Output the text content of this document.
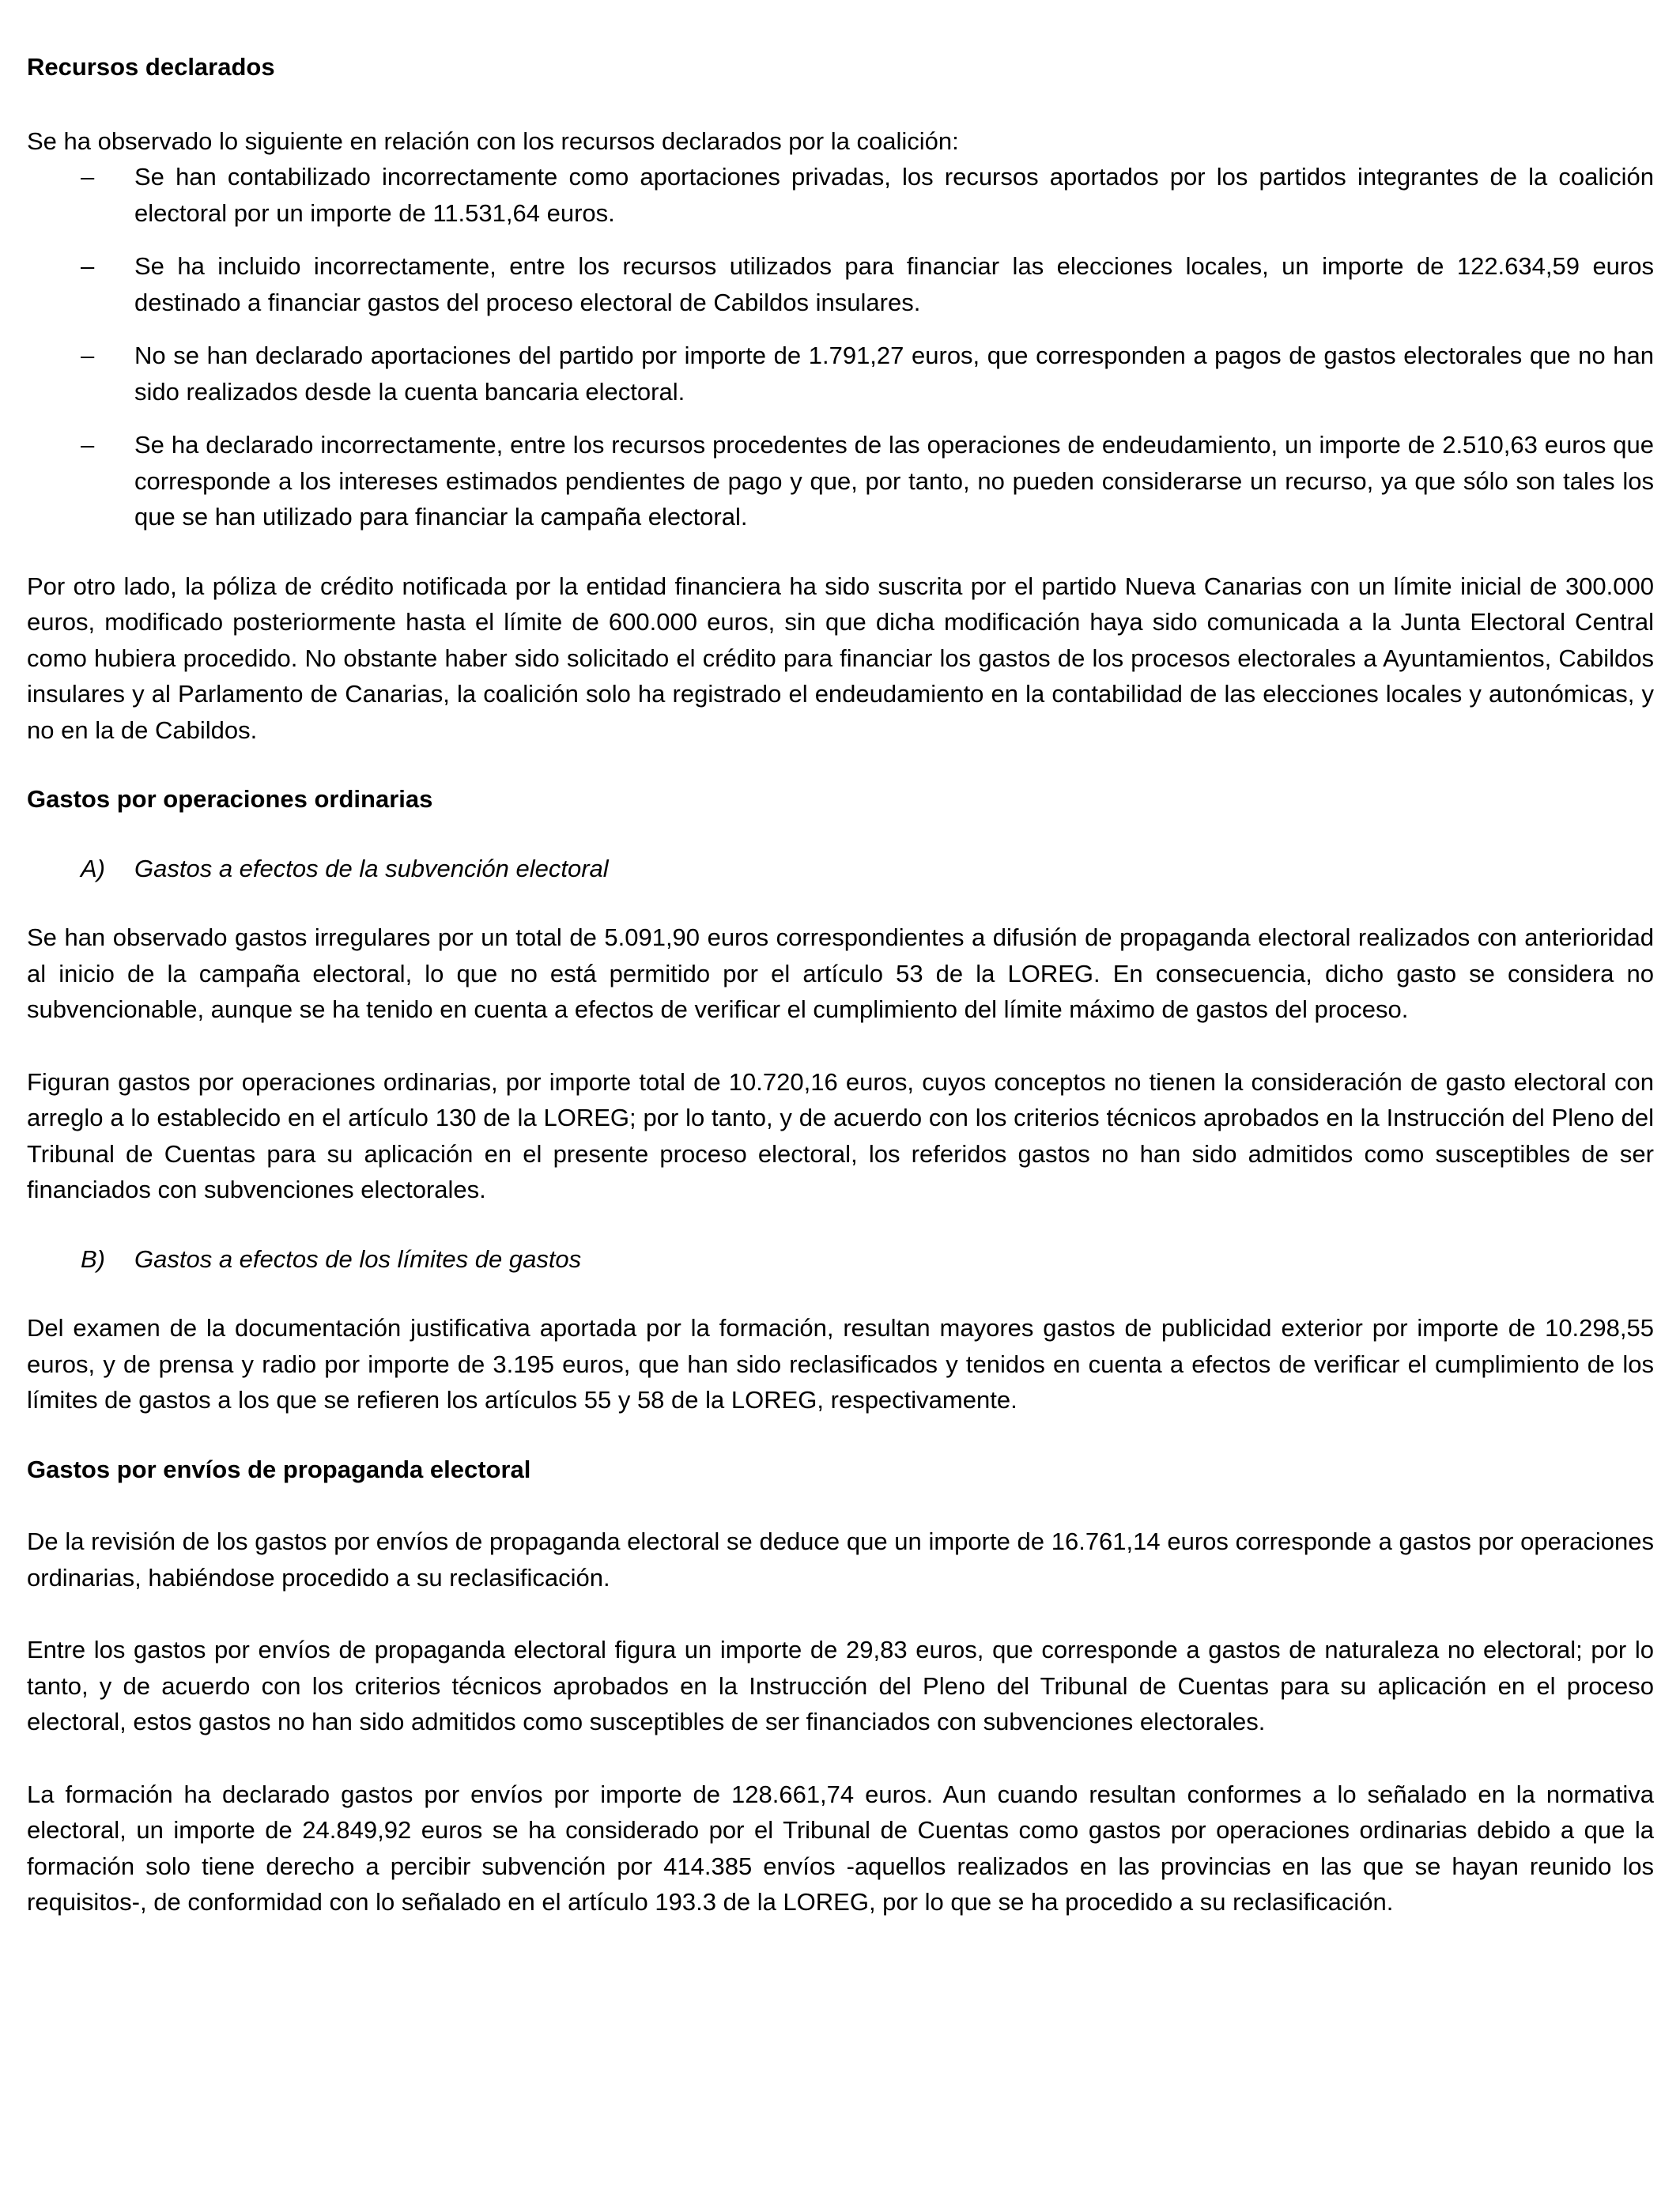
Recursos declarados

Se ha observado lo siguiente en relación con los recursos declarados por la coalición:

–	Se han contabilizado incorrectamente como aportaciones privadas, los recursos aportados por los partidos integrantes de la coalición electoral por un importe de 11.531,64 euros.
–	Se ha incluido incorrectamente, entre los recursos utilizados para financiar las elecciones locales, un importe de 122.634,59 euros destinado a financiar gastos del proceso electoral de Cabildos insulares.
–	No se han declarado aportaciones del partido por importe de 1.791,27 euros, que corresponden a pagos de gastos electorales que no han sido realizados desde la cuenta bancaria electoral.
–	Se ha declarado incorrectamente, entre los recursos procedentes de las operaciones de endeudamiento, un importe de 2.510,63 euros que corresponde a los intereses estimados pendientes de pago y que, por tanto, no pueden considerarse un recurso, ya que sólo son tales los que se han utilizado para financiar la campaña electoral.

Por otro lado, la póliza de crédito notificada por la entidad financiera ha sido suscrita por el partido Nueva Canarias con un límite inicial de 300.000 euros, modificado posteriormente hasta el límite de 600.000 euros, sin que dicha modificación haya sido comunicada a la Junta Electoral Central como hubiera procedido. No obstante haber sido solicitado el crédito para financiar los gastos de los procesos electorales a Ayuntamientos, Cabildos insulares y al Parlamento de Canarias, la coalición solo ha registrado el endeudamiento en la contabilidad de las elecciones locales y autonómicas, y no en la de Cabildos.

Gastos por operaciones ordinarias

A) Gastos a efectos de la subvención electoral

Se han observado gastos irregulares por un total de 5.091,90 euros correspondientes a difusión de propaganda electoral realizados con anterioridad al inicio de la campaña electoral, lo que no está permitido por el artículo 53 de la LOREG. En consecuencia, dicho gasto se considera no subvencionable, aunque se ha tenido en cuenta a efectos de verificar el cumplimiento del límite máximo de gastos del proceso.

Figuran gastos por operaciones ordinarias, por importe total de 10.720,16 euros, cuyos conceptos no tienen la consideración de gasto electoral con arreglo a lo establecido en el artículo 130 de la LOREG; por lo tanto, y de acuerdo con los criterios técnicos aprobados en la Instrucción del Pleno del Tribunal de Cuentas para su aplicación en el presente proceso electoral, los referidos gastos no han sido admitidos como susceptibles de ser financiados con subvenciones electorales.

B) Gastos a efectos de los límites de gastos

Del examen de la documentación justificativa aportada por la formación, resultan mayores gastos de publicidad exterior por importe de 10.298,55 euros, y de prensa y radio por importe de 3.195 euros, que han sido reclasificados y tenidos en cuenta a efectos de verificar el cumplimiento de los límites de gastos a los que se refieren los artículos 55 y 58 de la LOREG, respectivamente.

Gastos por envíos de propaganda electoral

De la revisión de los gastos por envíos de propaganda electoral se deduce que un importe de 16.761,14 euros corresponde a gastos por operaciones ordinarias, habiéndose procedido a su reclasificación.

Entre los gastos por envíos de propaganda electoral figura un importe de 29,83 euros, que corresponde a gastos de naturaleza no electoral; por lo tanto, y de acuerdo con los criterios técnicos aprobados en la Instrucción del Pleno del Tribunal de Cuentas para su aplicación en el proceso electoral, estos gastos no han sido admitidos como susceptibles de ser financiados con subvenciones electorales.

La formación ha declarado gastos por envíos por importe de 128.661,74 euros. Aun cuando resultan conformes a lo señalado en la normativa electoral, un importe de 24.849,92 euros se ha considerado por el Tribunal de Cuentas como gastos por operaciones ordinarias debido a que la formación solo tiene derecho a percibir subvención por 414.385 envíos -aquellos realizados en las provincias en las que se hayan reunido los requisitos-, de conformidad con lo señalado en el artículo 193.3 de la LOREG, por lo que se ha procedido a su reclasificación.
